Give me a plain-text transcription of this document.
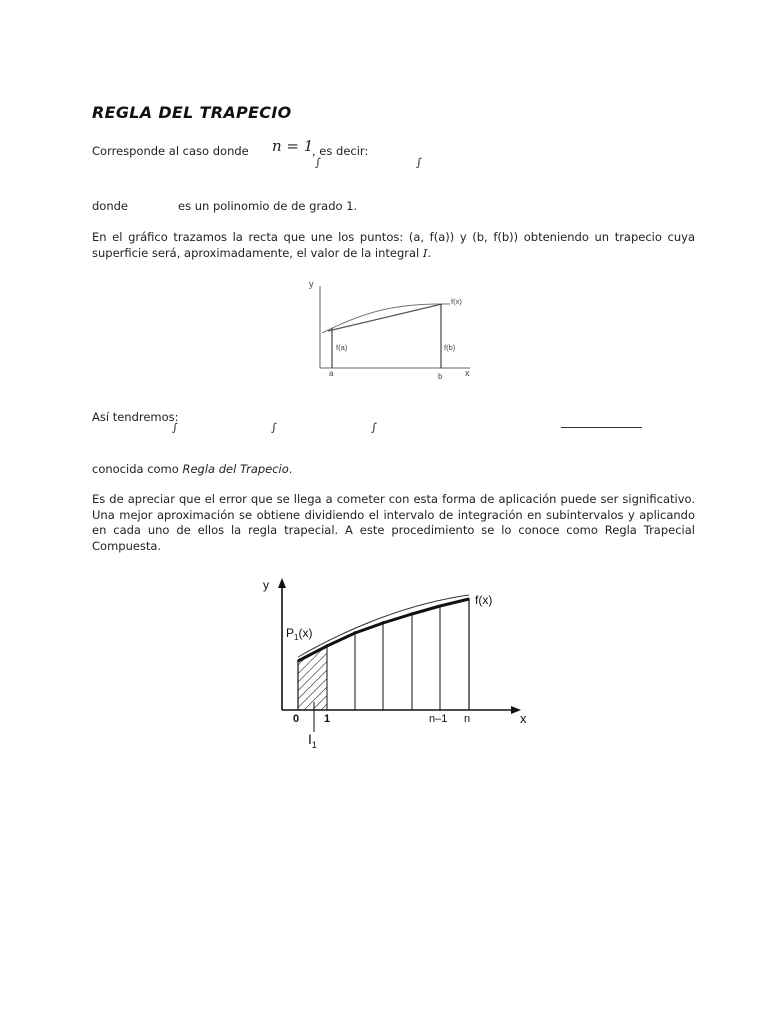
REGLA DEL TRAPECIO
Corresponde al caso donde n = 1
, es decir:
∫	∫
donde	es un polinomio de de grado 1.
En el gráfico trazamos la recta que une los puntos: (a, f(a)) y (b, f(b)) obteniendo un trapecio cuya superficie será, aproximadamente, el valor de la integral I.
y
x
f(x)
f(a)	f(b)
a	b
Así tendremos:
∫	∫	∫
conocida como Regla del Trapecio.
Es de apreciar que el error que se llega a cometer con esta forma de aplicación puede ser significativo. Una mejor aproximación se obtiene dividiendo el intervalo de integración en subintervalos y aplicando en cada uno de ellos la regla trapecial. A este procedimiento se lo conoce como Regla Trapecial Compuesta.
y
x
f(x)
$P_1(x)$
0 1	n–1 n
$I_1$
